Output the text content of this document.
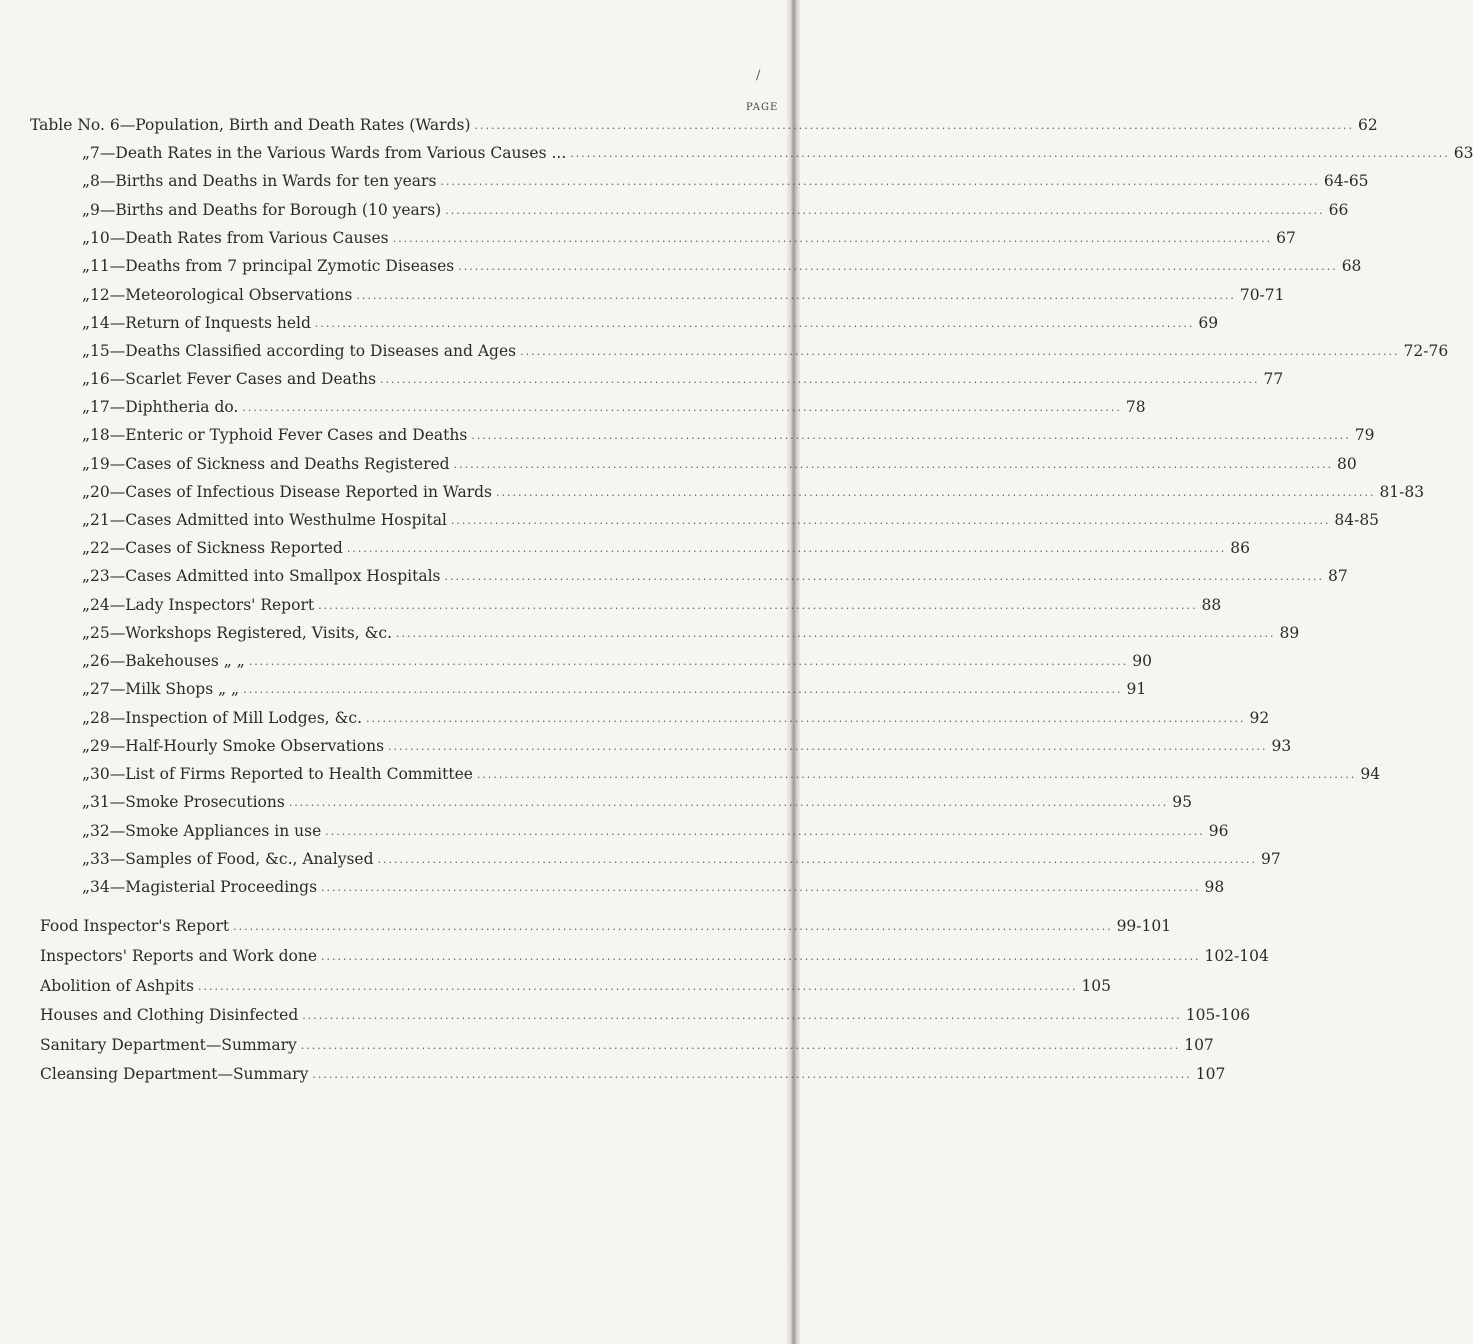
/
PAGE
Table No. 6 —Population, Birth and Death Rates (Wards) ................................................................................................................................................................ 62
„ 7—Death Rates in the Various Wards from Various Causes ... ................................................................................................................................................................ 63
„ 8—Births and Deaths in Wards for ten years ................................................................................................................................................................ 64-65
„ 9—Births and Deaths for Borough (10 years) ................................................................................................................................................................ 66
„ 10—Death Rates from Various Causes ................................................................................................................................................................ 67
„ 11—Deaths from 7 principal Zymotic Diseases ................................................................................................................................................................ 68
„ 12—Meteorological Observations ................................................................................................................................................................ 70-71
„ 14—Return of Inquests held ................................................................................................................................................................ 69
„ 15—Deaths Classified according to Diseases and Ages ................................................................................................................................................................ 72-76
„ 16—Scarlet Fever Cases and Deaths ................................................................................................................................................................ 77
„ 17—Diphtheria do. ................................................................................................................................................................ 78
„ 18—Enteric or Typhoid Fever Cases and Deaths ................................................................................................................................................................ 79
„ 19—Cases of Sickness and Deaths Registered ................................................................................................................................................................ 80
„ 20—Cases of Infectious Disease Reported in Wards ................................................................................................................................................................ 81-83
„ 21—Cases Admitted into Westhulme Hospital ................................................................................................................................................................ 84-85
„ 22—Cases of Sickness Reported ................................................................................................................................................................ 86
„ 23—Cases Admitted into Smallpox Hospitals ................................................................................................................................................................ 87
„ 24—Lady Inspectors' Report ................................................................................................................................................................ 88
„ 25—Workshops Registered, Visits, &c. ................................................................................................................................................................ 89
„ 26—Bakehouses „ „ ................................................................................................................................................................ 90
„ 27—Milk Shops „ „ ................................................................................................................................................................ 91
„ 28—Inspection of Mill Lodges, &c. ................................................................................................................................................................ 92
„ 29—Half-Hourly Smoke Observations ................................................................................................................................................................ 93
„ 30—List of Firms Reported to Health Committee ................................................................................................................................................................ 94
„ 31—Smoke Prosecutions ................................................................................................................................................................ 95
„ 32—Smoke Appliances in use ................................................................................................................................................................ 96
„ 33—Samples of Food, &c., Analysed ................................................................................................................................................................ 97
„ 34—Magisterial Proceedings ................................................................................................................................................................ 98
Food Inspector's Report ................................................................................................................................................................ 99-101
Inspectors' Reports and Work done ................................................................................................................................................................ 102-104
Abolition of Ashpits ................................................................................................................................................................ 105
Houses and Clothing Disinfected ................................................................................................................................................................ 105-106
Sanitary Department—Summary ................................................................................................................................................................ 107
Cleansing Department—Summary ................................................................................................................................................................ 107
